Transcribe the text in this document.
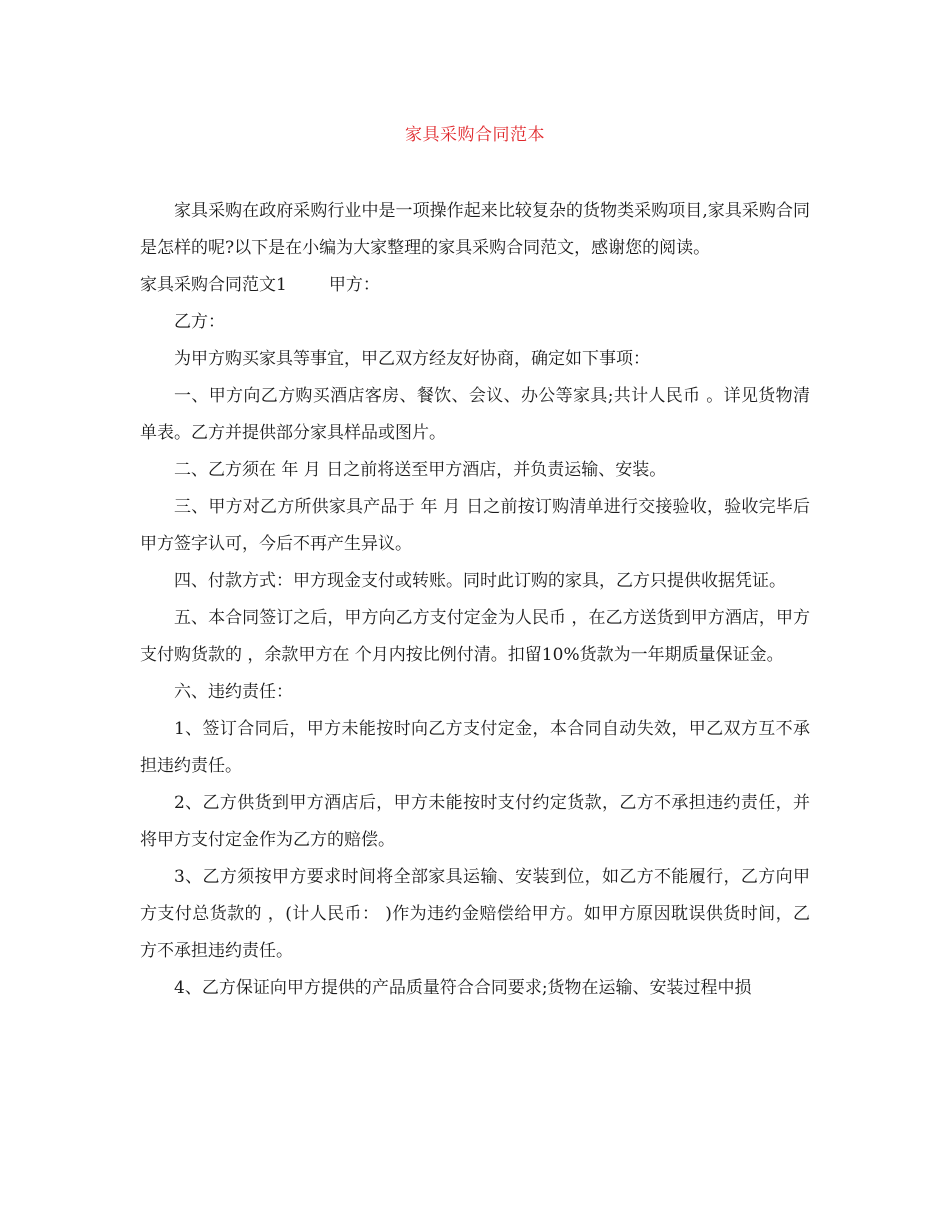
家具采购合同范本

家具采购在政府采购行业中是一项操作起来比较复杂的货物类采购项目,家具采购合同是怎样的呢?以下是在小编为大家整理的家具采购合同范文，感谢您的阅读。

家具采购合同范文1 甲方：

乙方：

为甲方购买家具等事宜，甲乙双方经友好协商，确定如下事项：

一、甲方向乙方购买酒店客房、餐饮、会议、办公等家具;共计人民币 。详见货物清单表。乙方并提供部分家具样品或图片。

二、乙方须在 年 月 日之前将送至甲方酒店，并负责运输、安装。

三、甲方对乙方所供家具产品于 年 月 日之前按订购清单进行交接验收，验收完毕后甲方签字认可，今后不再产生异议。

四、付款方式：甲方现金支付或转账。同时此订购的家具，乙方只提供收据凭证。

五、本合同签订之后，甲方向乙方支付定金为人民币 ，在乙方送货到甲方酒店，甲方支付购货款的 ，余款甲方在 个月内按比例付清。扣留10%货款为一年期质量保证金。

六、违约责任：

1、签订合同后，甲方未能按时向乙方支付定金，本合同自动失效，甲乙双方互不承担违约责任。

2、乙方供货到甲方酒店后，甲方未能按时支付约定货款，乙方不承担违约责任，并将甲方支付定金作为乙方的赔偿。

3、乙方须按甲方要求时间将全部家具运输、安装到位，如乙方不能履行，乙方向甲方支付总货款的 ，(计人民币： )作为违约金赔偿给甲方。如甲方原因耽误供货时间，乙方不承担违约责任。

4、乙方保证向甲方提供的产品质量符合合同要求;货物在运输、安装过程中损
